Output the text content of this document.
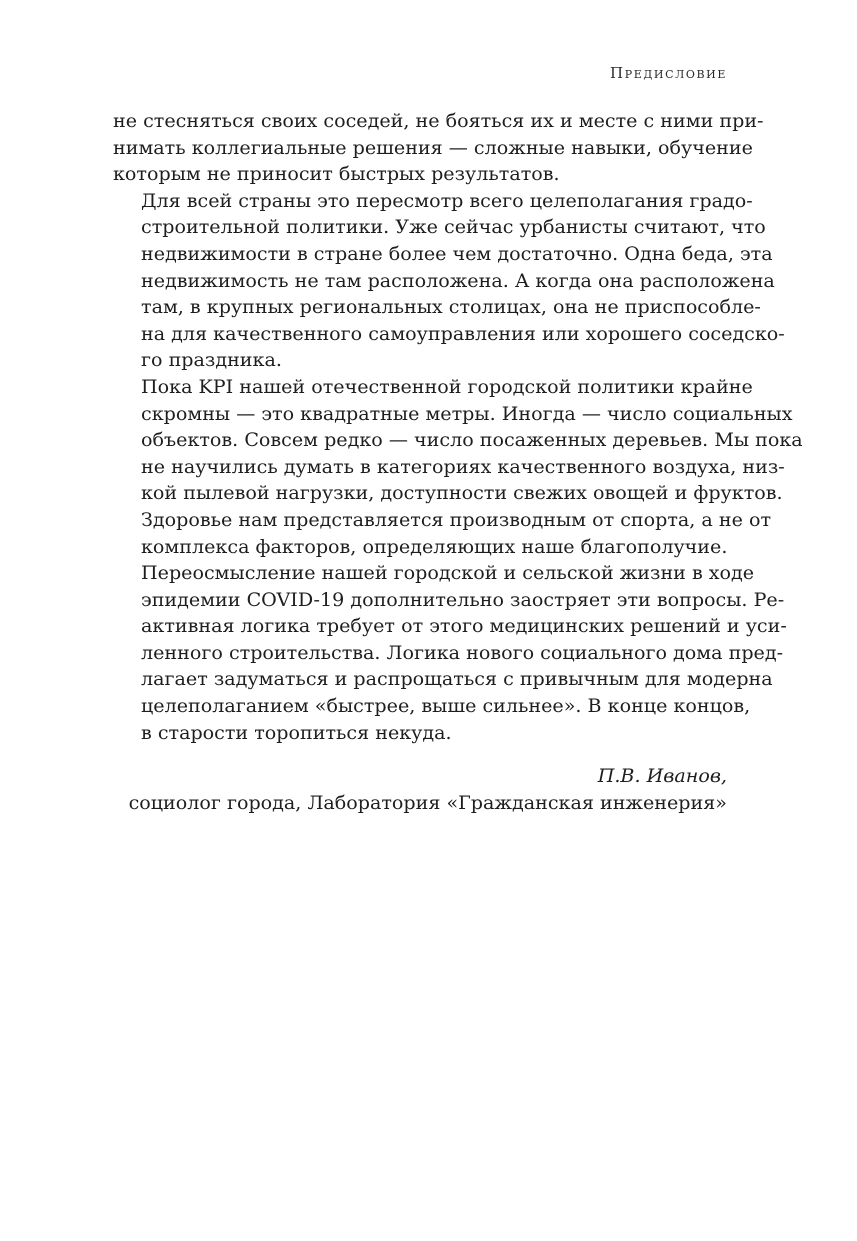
Предисловие

не стесняться своих соседей, не бояться их и месте с ними при-
нимать коллегиальные решения — сложные навыки, обучение
которым не приносит быстрых результатов.

Для всей страны это пересмотр всего целеполагания градо-
строительной политики. Уже сейчас урбанисты считают, что
недвижимости в стране более чем достаточно. Одна беда, эта
недвижимость не там расположена. А когда она расположена
там, в крупных региональных столицах, она не приспособле-
на для качественного самоуправления или хорошего соседско-
го праздника.

Пока KPI нашей отечественной городской политики крайне
скромны — это квадратные метры. Иногда — число социальных
объектов. Совсем редко — число посаженных деревьев. Мы пока
не научились думать в категориях качественного воздуха, низ-
кой пылевой нагрузки, доступности свежих овощей и фруктов.
Здоровье нам представляется производным от спорта, а не от
комплекса факторов, определяющих наше благополучие.

Переосмысление нашей городской и сельской жизни в ходе
эпидемии COVID-19 дополнительно заостряет эти вопросы. Ре-
активная логика требует от этого медицинских решений и уси-
ленного строительства. Логика нового социального дома пред-
лагает задуматься и распрощаться с привычным для модерна
целеполаганием «быстрее, выше сильнее». В конце концов,
в старости торопиться некуда.

П.В. Иванов,
социолог города, Лаборатория «Гражданская инженерия»
